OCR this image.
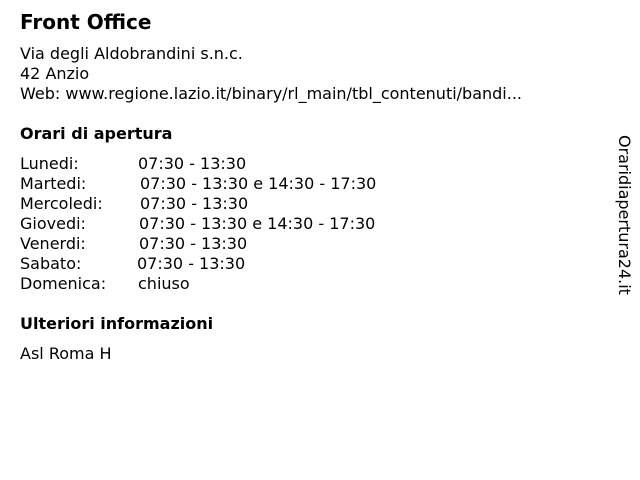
Front Office
Via degli Aldobrandini s.n.c.
42 Anzio
Web: www.regione.lazio.it/binary/rl_main/tbl_contenuti/bandi...
Orari di apertura
Lunedi:	07:30 - 13:30
Martedi:	07:30 - 13:30 e 14:30 - 17:30
Mercoledi: 07:30 - 13:30
Giovedi:	07:30 - 13:30 e 14:30 - 17:30
Venerdi:	07:30 - 13:30
Sabato:	07:30 - 13:30
Domenica: chiuso
Ulteriori informazioni
Asl Roma H
Oraridiapertura24.it
